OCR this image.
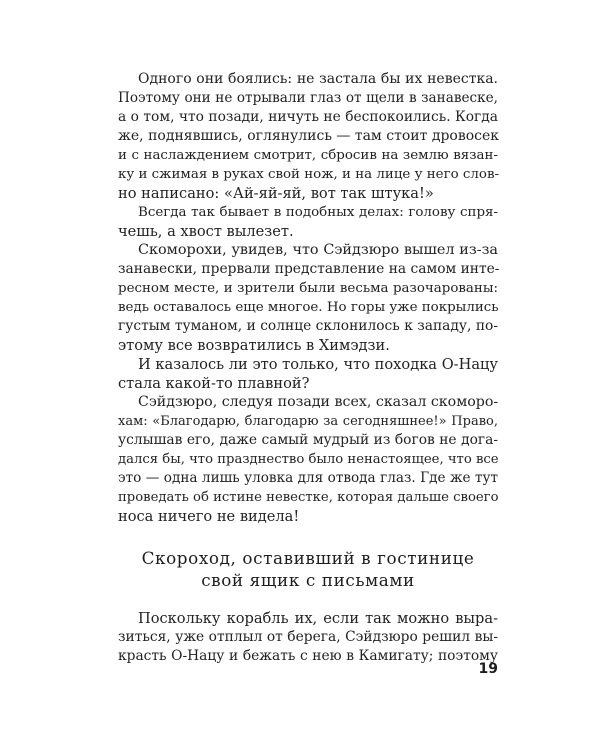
Одного они боялись: не застала бы их невестка.
Поэтому они не отрывали глаз от щели в занавеске,
а о том, что позади, ничуть не беспокоились. Когда
же, поднявшись, оглянулись — там стоит дровосек
и с наслаждением смотрит, сбросив на землю вязан-
ку и сжимая в руках свой нож, и на лице у него слов-
но написано: «Ай-яй-яй, вот так штука!»
Всегда так бывает в подобных делах: голову спря-
чешь, а хвост вылезет.
Скоморохи, увидев, что Сэйдзюро вышел из-за
занавески, прервали представление на самом инте-
ресном месте, и зрители были весьма разочарованы:
ведь оставалось еще многое. Но горы уже покрылись
густым туманом, и солнце склонилось к западу, по-
этому все возвратились в Химэдзи.
И казалось ли это только, что походка О-Нацу
стала какой-то плавной?
Сэйдзюро, следуя позади всех, сказал скоморо-
хам: «Благодарю, благодарю за сегодняшнее!» Право,
услышав его, даже самый мудрый из богов не дога-
дался бы, что празднество было ненастоящее, что все
это — одна лишь уловка для отвода глаз. Где же тут
проведать об истине невестке, которая дальше своего
носа ничего не видела!
Скороход, оставивший в гостинице
свой ящик с письмами
Поскольку корабль их, если так можно выра-
зиться, уже отплыл от берега, Сэйдзюро решил вы-
красть О-Нацу и бежать с нею в Камигату; поэтому
19
